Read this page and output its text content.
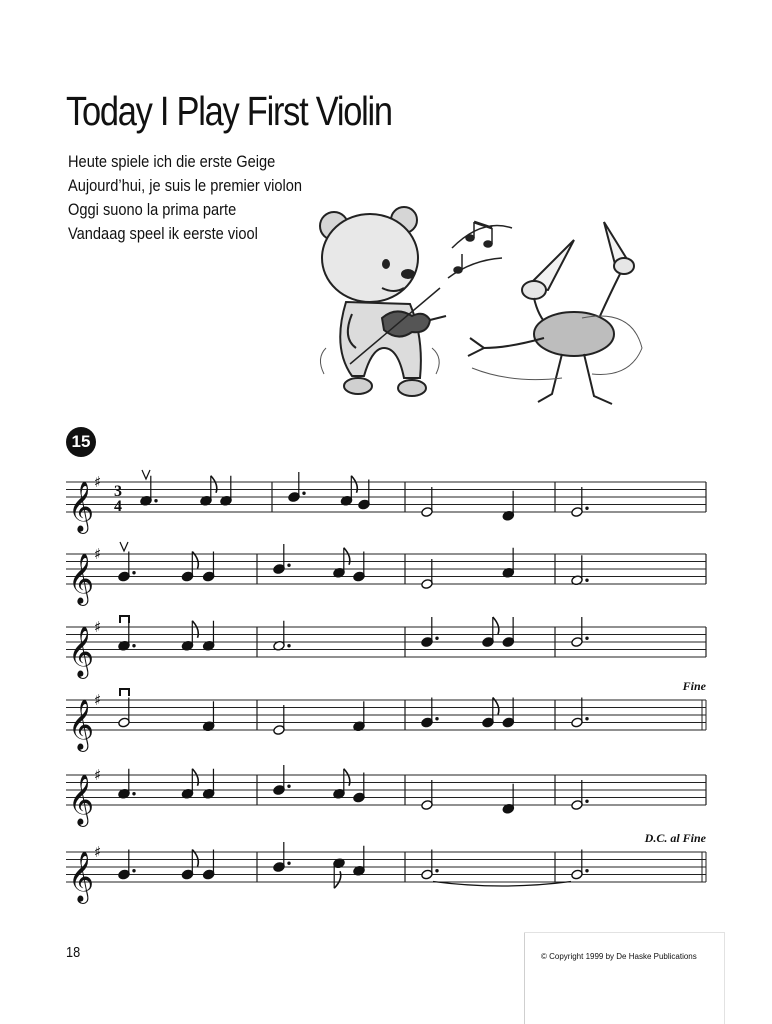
Today I Play First Violin
Heute spiele ich die erste Geige
Aujourd’hui, je suis le premier violon
Oggi suono la prima parte
Vandaag speel ik eerste viool
15
𝄞 ♯
3
4
𝄞 ♯
𝄞 ♯
𝄞 ♯
Fine
𝄞 ♯
𝄞 ♯
D.C. al Fine
18	© Copyright 1999 by De Haske Publications
